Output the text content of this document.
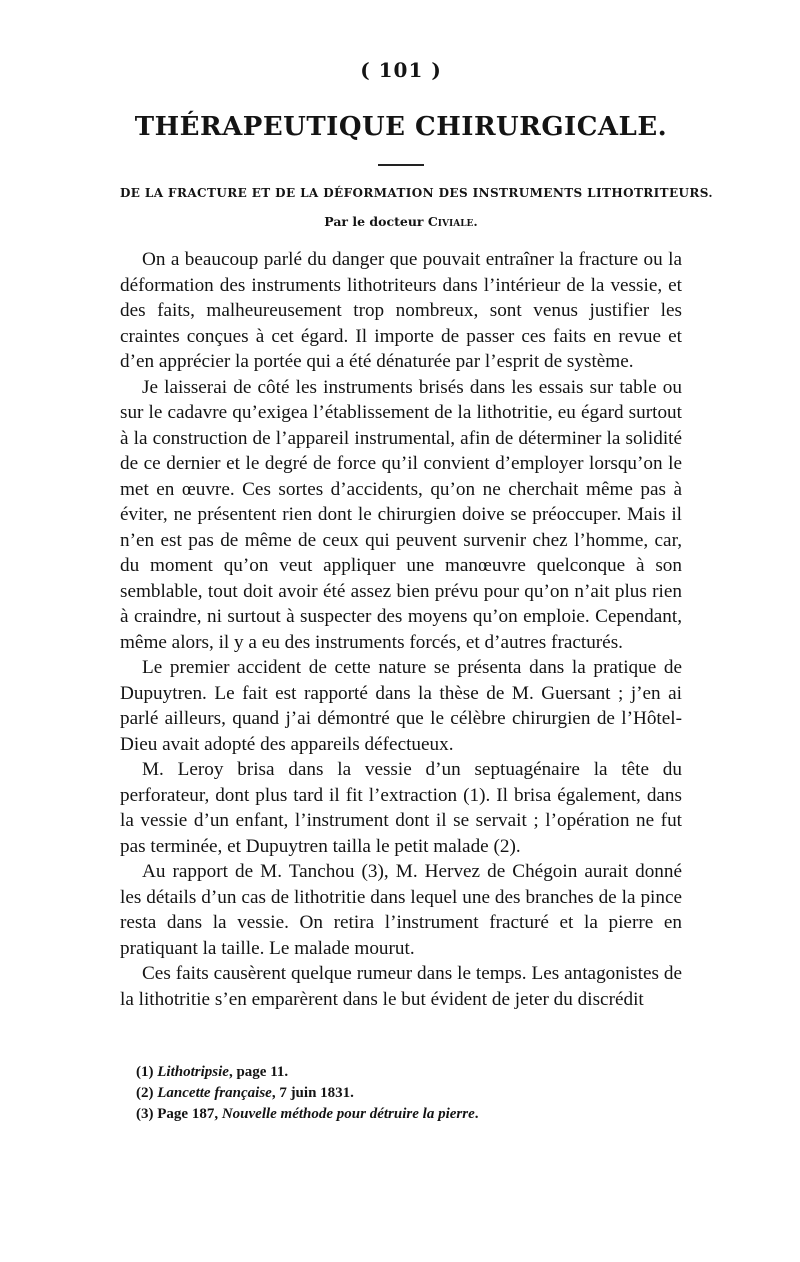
( 101 )
THÉRAPEUTIQUE CHIRURGICALE.
DE LA FRACTURE ET DE LA DÉFORMATION DES INSTRUMENTS LITHOTRITEURS.
Par le docteur Civiale.

On a beaucoup parlé du danger que pouvait entraîner la fracture ou la déformation des instruments lithotriteurs dans l’intérieur de la vessie, et des faits, malheureusement trop nombreux, sont venus justifier les craintes conçues à cet égard. Il importe de passer ces faits en revue et d’en apprécier la portée qui a été dénaturée par l’esprit de système.

Je laisserai de côté les instruments brisés dans les essais sur table ou sur le cadavre qu’exigea l’établissement de la lithotritie, eu égard surtout à la construction de l’appareil instrumental, afin de déterminer la solidité de ce dernier et le degré de force qu’il convient d’employer lorsqu’on le met en œuvre. Ces sortes d’accidents, qu’on ne cherchait même pas à éviter, ne présentent rien dont le chirurgien doive se préoccuper. Mais il n’en est pas de même de ceux qui peuvent survenir chez l’homme, car, du moment qu’on veut appliquer une manœuvre quelconque à son semblable, tout doit avoir été assez bien prévu pour qu’on n’ait plus rien à craindre, ni surtout à suspecter des moyens qu’on emploie. Cependant, même alors, il y a eu des instruments forcés, et d’autres fracturés.

Le premier accident de cette nature se présenta dans la pratique de Dupuytren. Le fait est rapporté dans la thèse de M. Guersant ; j’en ai parlé ailleurs, quand j’ai démontré que le célèbre chirurgien de l’Hôtel-Dieu avait adopté des appareils défectueux.

M. Leroy brisa dans la vessie d’un septuagénaire la tête du perforateur, dont plus tard il fit l’extraction (1). Il brisa également, dans la vessie d’un enfant, l’instrument dont il se servait ; l’opération ne fut pas terminée, et Dupuytren tailla le petit malade (2).

Au rapport de M. Tanchou (3), M. Hervez de Chégoin aurait donné les détails d’un cas de lithotritie dans lequel une des branches de la pince resta dans la vessie. On retira l’instrument fracturé et la pierre en pratiquant la taille. Le malade mourut.

Ces faits causèrent quelque rumeur dans le temps. Les antagonistes de la lithotritie s’en emparèrent dans le but évident de jeter du discrédit

(1) Lithotripsie, page 11.
(2) Lancette française, 7 juin 1831.
(3) Page 187, Nouvelle méthode pour détruire la pierre.
